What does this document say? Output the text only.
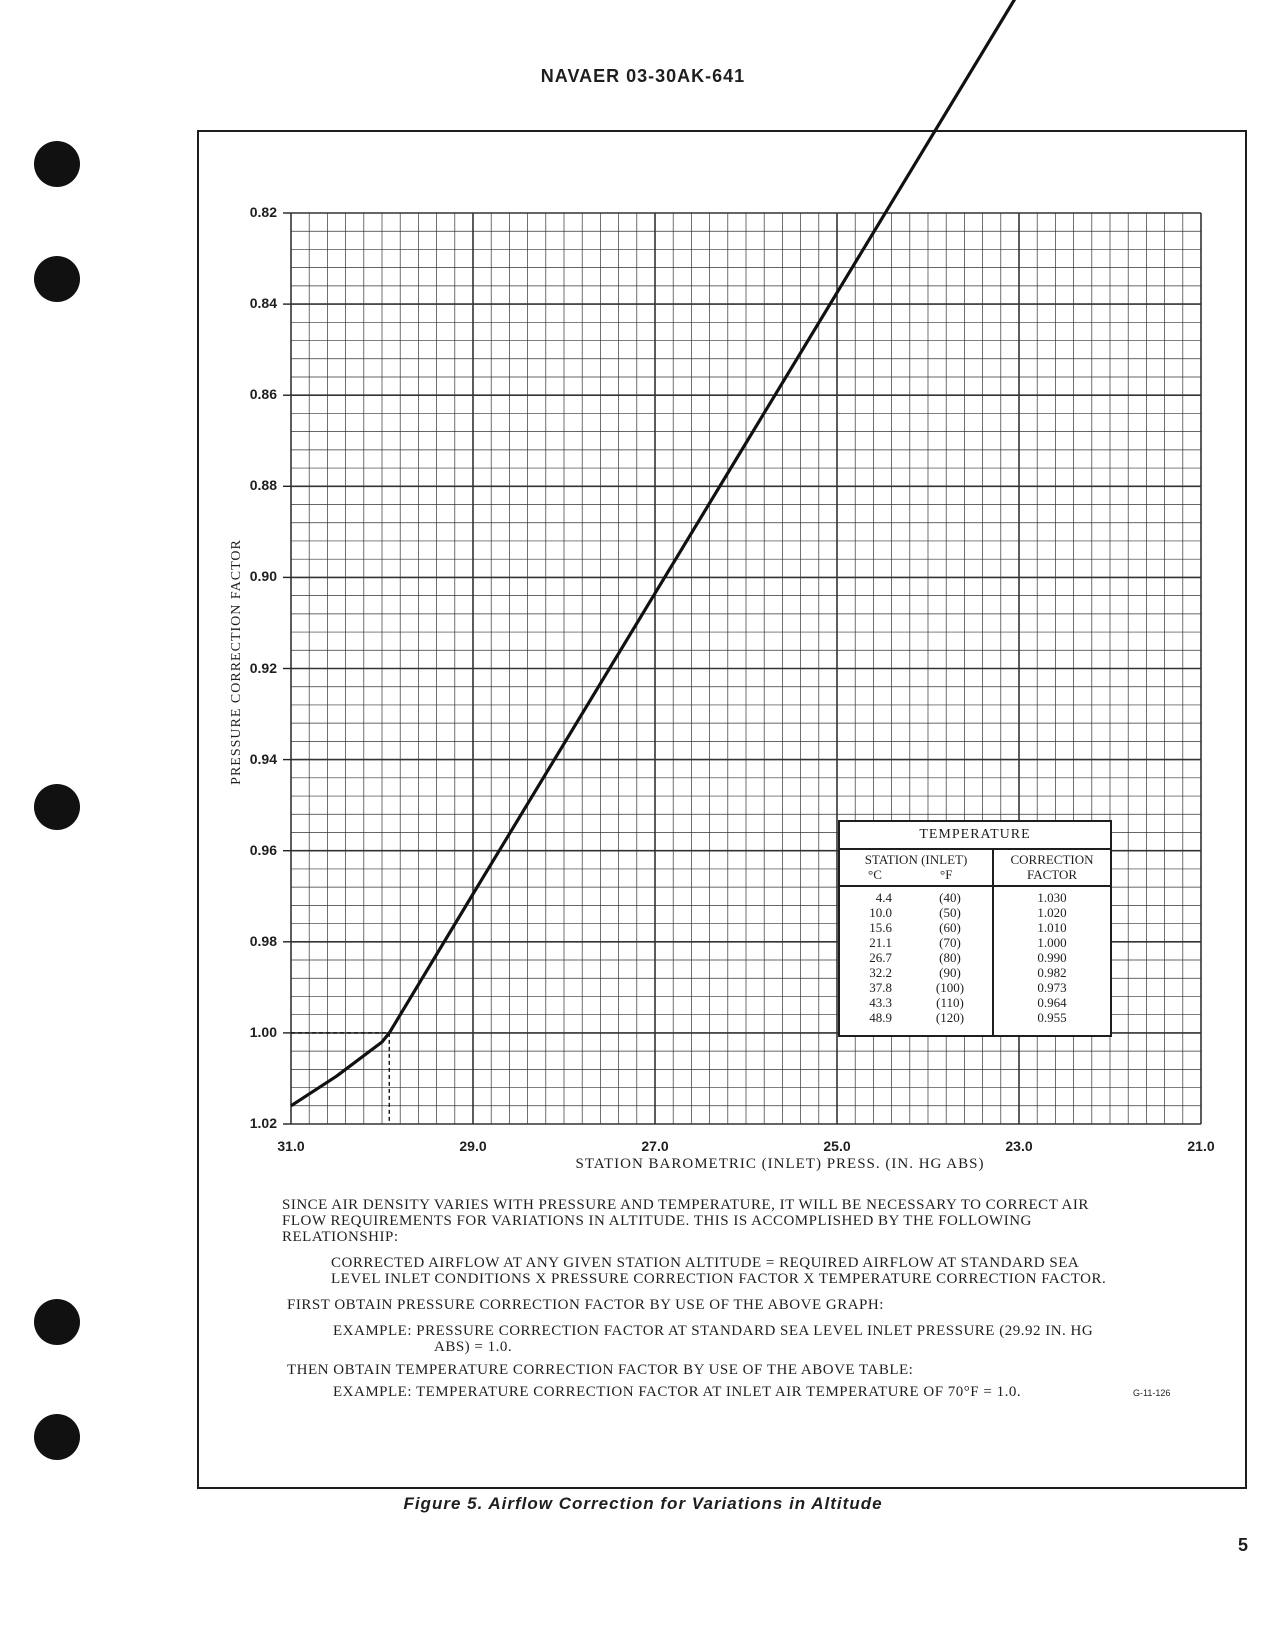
NAVAER 03-30AK-641
0.82
0.84
0.86
0.88
0.90
0.92
0.94
0.96
0.98
1.00
1.02
31.0	29.0	27.0	25.0	23.0	21.0
STATION BAROMETRIC (INLET) PRESS. (IN. HG ABS)
PRESSURE CORRECTION FACTOR
TEMPERATURE
STATION (INLET)
°C	°F
CORRECTION
FACTOR
4.4	(40)	1.030
10.0	(50)	1.020
15.6	(60)	1.010
21.1	(70)	1.000
26.7	(80)	0.990
32.2	(90)	0.982
37.8	(100)	0.973
43.3	(110)	0.964
48.9	(120)	0.955
SINCE AIR DENSITY VARIES WITH PRESSURE AND TEMPERATURE, IT WILL BE NECESSARY TO CORRECT AIR
FLOW REQUIREMENTS FOR VARIATIONS IN ALTITUDE. THIS IS ACCOMPLISHED BY THE FOLLOWING
RELATIONSHIP:
CORRECTED AIRFLOW AT ANY GIVEN STATION ALTITUDE = REQUIRED AIRFLOW AT STANDARD SEA
LEVEL INLET CONDITIONS X PRESSURE CORRECTION FACTOR X TEMPERATURE CORRECTION FACTOR.
FIRST OBTAIN PRESSURE CORRECTION FACTOR BY USE OF THE ABOVE GRAPH:
EXAMPLE: PRESSURE CORRECTION FACTOR AT STANDARD SEA LEVEL INLET PRESSURE (29.92 IN. HG
ABS) = 1.0.
THEN OBTAIN TEMPERATURE CORRECTION FACTOR BY USE OF THE ABOVE TABLE:
EXAMPLE: TEMPERATURE CORRECTION FACTOR AT INLET AIR TEMPERATURE OF 70°F = 1.0.	G-11-126
Figure 5. Airflow Correction for Variations in Altitude
5
